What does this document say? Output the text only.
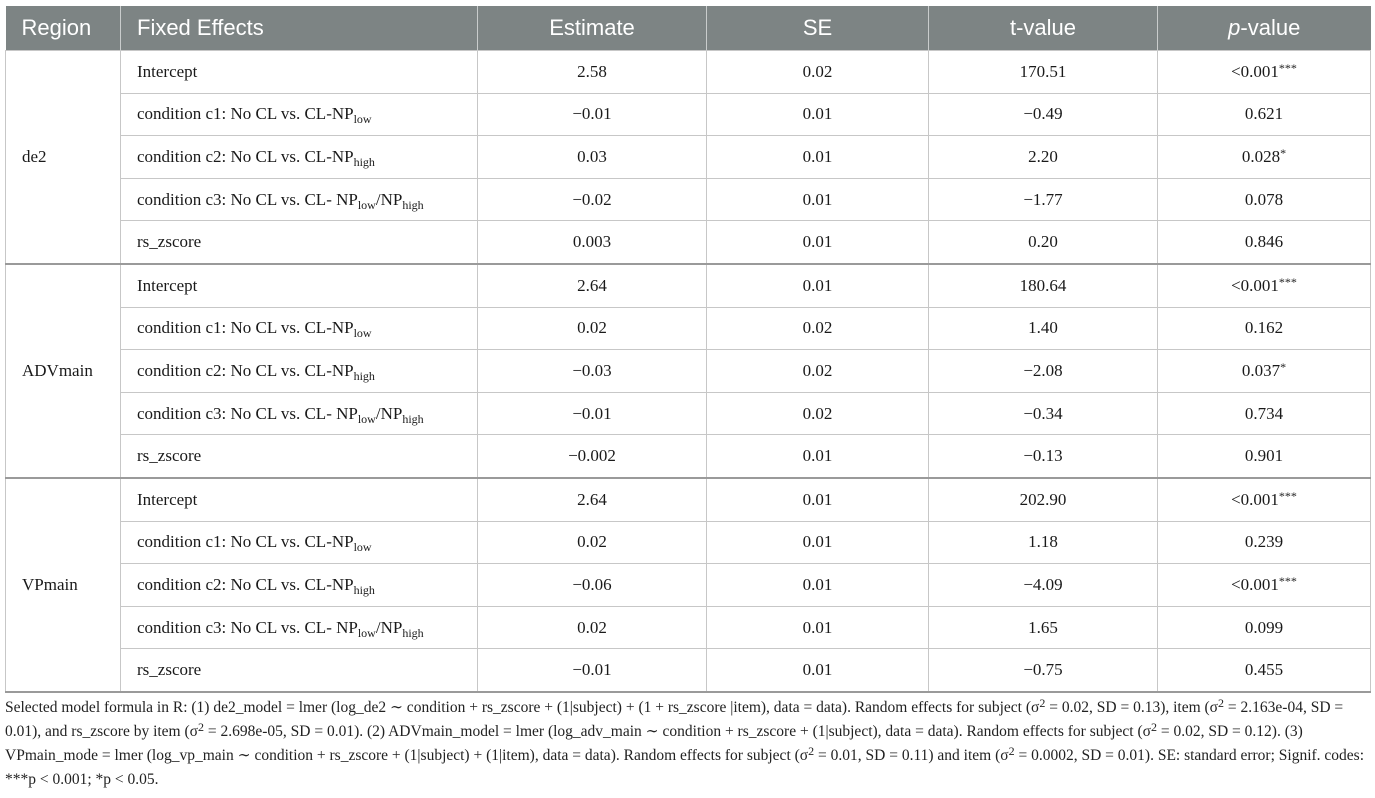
Region	Fixed Effects	Estimate	SE	t-value	p-value
de2	Intercept	2.58	0.02	170.51	<0.001***
	condition c1: No CL vs. $CL-NP_{low}$	−0.01	0.01	−0.49	0.621
	condition c2: No CL vs. $CL-NP_{high}$	0.03	0.01	2.20	0.028*
	condition c3: No CL vs. CL- $NP_{low}/NP_{high}$	−0.02	0.01	−1.77	0.078
	rs_zscore	0.003	0.01	0.20	0.846
ADVmain	Intercept	2.64	0.01	180.64	<0.001***
	condition c1: No CL vs. $CL-NP_{low}$	0.02	0.02	1.40	0.162
	condition c2: No CL vs. $CL-NP_{high}$	−0.03	0.02	−2.08	0.037*
	condition c3: No CL vs. CL- $NP_{low}/NP_{high}$	−0.01	0.02	−0.34	0.734
	rs_zscore	−0.002	0.01	−0.13	0.901
VPmain	Intercept	2.64	0.01	202.90	<0.001***
	condition c1: No CL vs. $CL-NP_{low}$	0.02	0.01	1.18	0.239
	condition c2: No CL vs. $CL-NP_{high}$	−0.06	0.01	−4.09	<0.001***
	condition c3: No CL vs. CL- $NP_{low}/NP_{high}$	0.02	0.01	1.65	0.099
	rs_zscore	−0.01	0.01	−0.75	0.455
Selected model formula in R: (1) de2_model = lmer (log_de2 ∼ condition + rs_zscore + (1|subject) + (1 + rs_zscore |item), data = data). Random effects for subject ($\sigma^2 = 0.02$, SD = 0.13), item ($\sigma^2 = 2.163e-04$, SD = 0.01), and rs_zscore by item ($\sigma^2 = 2.698e-05$, SD = 0.01). (2) ADVmain_model = lmer (log_adv_main ∼ condition + rs_zscore + (1|subject), data = data). Random effects for subject ($\sigma^2 = 0.02$, SD = 0.12). (3) VPmain_mode = lmer (log_vp_main ∼ condition + rs_zscore + (1|subject) + (1|item), data = data). Random effects for subject ($\sigma^2 = 0.01$, SD = 0.11) and item ($\sigma^2 = 0.0002$, SD = 0.01). SE: standard error; Signif. codes: ***p < 0.001; *p < 0.05.
